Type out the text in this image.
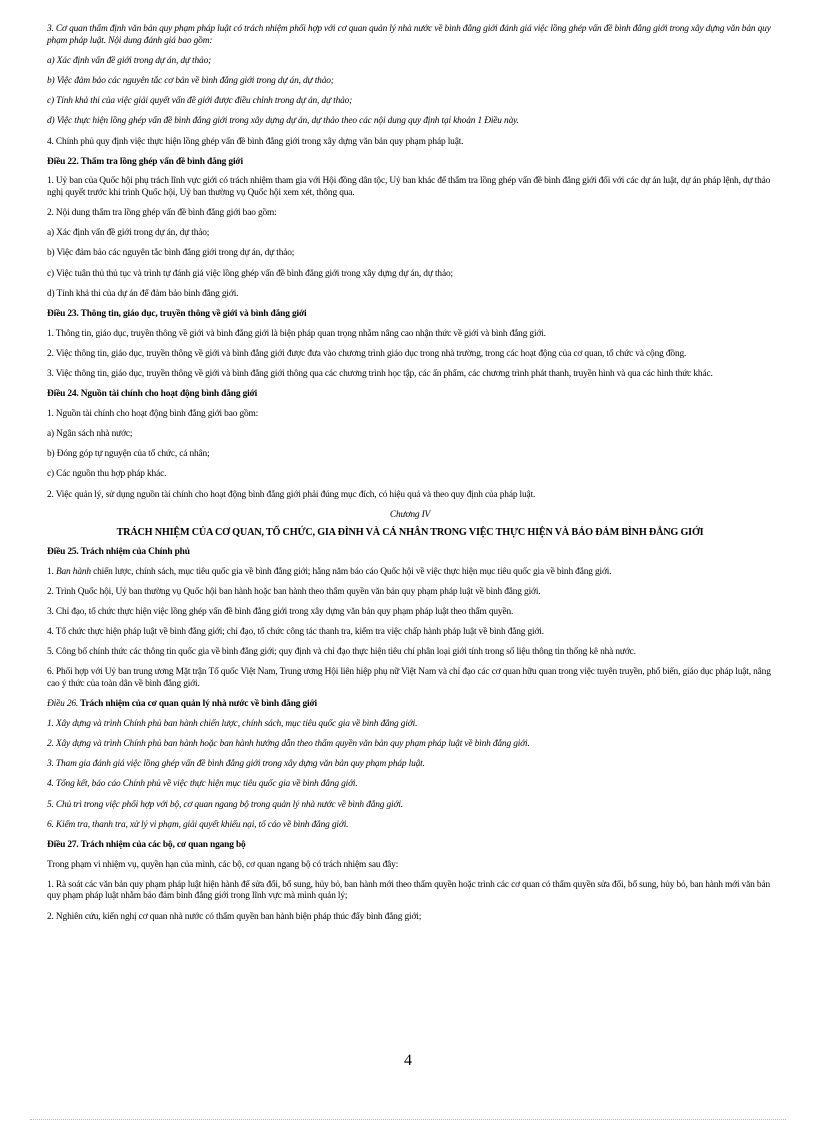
3. Cơ quan thẩm định văn bản quy phạm pháp luật có trách nhiệm phối hợp với cơ quan quản lý nhà nước về bình đẳng giới đánh giá việc lồng ghép vấn đề bình đẳng giới trong xây dựng văn bản quy phạm pháp luật. Nội dung đánh giá bao gồm:

a) Xác định vấn đề giới trong dự án, dự thảo;

b) Việc đảm bảo các nguyên tắc cơ bản về bình đẳng giới trong dự án, dự thảo;

c) Tính khả thi của việc giải quyết vấn đề giới được điều chỉnh trong dự án, dự thảo;

d) Việc thực hiện lồng ghép vấn đề bình đẳng giới trong xây dựng dự án, dự thảo theo các nội dung quy định tại khoản 1 Điều này.

4. Chính phủ quy định việc thực hiện lồng ghép vấn đề bình đẳng giới trong xây dựng văn bản quy phạm pháp luật.

Điều 22. Thẩm tra lồng ghép vấn đề bình đẳng giới

1. Uỷ ban của Quốc hội phụ trách lĩnh vực giới có trách nhiệm tham gia với Hội đồng dân tộc, Uỷ ban khác để thẩm tra lồng ghép vấn đề bình đẳng giới đối với các dự án luật, dự án pháp lệnh, dự thảo nghị quyết trước khi trình Quốc hội, Uỷ ban thường vụ Quốc hội xem xét, thông qua.

2. Nội dung thẩm tra lồng ghép vấn đề bình đẳng giới bao gồm:

a) Xác định vấn đề giới trong dự án, dự thảo;

b) Việc đảm bảo các nguyên tắc bình đẳng giới trong dự án, dự thảo;

c) Việc tuân thủ thủ tục và trình tự đánh giá việc lồng ghép vấn đề bình đẳng giới trong xây dựng dự án, dự thảo;

d) Tính khả thi của dự án để đảm bảo bình đẳng giới.

Điều 23. Thông tin, giáo dục, truyền thông về giới và bình đẳng giới

1. Thông tin, giáo dục, truyền thông về giới và bình đẳng giới là biện pháp quan trọng nhằm nâng cao nhận thức về giới và bình đẳng giới.

2. Việc thông tin, giáo dục, truyền thông về giới và bình đẳng giới được đưa vào chương trình giáo dục trong nhà trường, trong các hoạt động của cơ quan, tổ chức và cộng đồng.

3. Việc thông tin, giáo dục, truyền thông về giới và bình đẳng giới thông qua các chương trình học tập, các ấn phẩm, các chương trình phát thanh, truyền hình và qua các hình thức khác.

Điều 24. Nguồn tài chính cho hoạt động bình đẳng giới

1. Nguồn tài chính cho hoạt động bình đẳng giới bao gồm:

a) Ngân sách nhà nước;

b) Đóng góp tự nguyện của tổ chức, cá nhân;

c) Các nguồn thu hợp pháp khác.

2. Việc quản lý, sử dụng nguồn tài chính cho hoạt động bình đẳng giới phải đúng mục đích, có hiệu quả và theo quy định của pháp luật.

Chương IV

TRÁCH NHIỆM CỦA CƠ QUAN, TỔ CHỨC, GIA ĐÌNH VÀ CÁ NHÂN TRONG VIỆC THỰC HIỆN VÀ BẢO ĐẢM BÌNH ĐẲNG GIỚI

Điều 25. Trách nhiệm của Chính phủ

1. Ban hành chiến lược, chính sách, mục tiêu quốc gia về bình đẳng giới; hằng năm báo cáo Quốc hội về việc thực hiện mục tiêu quốc gia về bình đẳng giới.

2. Trình Quốc hội, Uỷ ban thường vụ Quốc hội ban hành hoặc ban hành theo thẩm quyền văn bản quy phạm pháp luật về bình đẳng giới.

3. Chỉ đạo, tổ chức thực hiện việc lồng ghép vấn đề bình đẳng giới trong xây dựng văn bản quy phạm pháp luật theo thẩm quyền.

4. Tổ chức thực hiện pháp luật về bình đẳng giới; chỉ đạo, tổ chức công tác thanh tra, kiểm tra việc chấp hành pháp luật về bình đẳng giới.

5. Công bố chính thức các thông tin quốc gia về bình đẳng giới; quy định và chỉ đạo thực hiện tiêu chí phân loại giới tính trong số liệu thông tin thống kê nhà nước.

6. Phối hợp với Uỷ ban trung ương Mặt trận Tổ quốc Việt Nam, Trung ương Hội liên hiệp phụ nữ Việt Nam và chỉ đạo các cơ quan hữu quan trong việc tuyên truyền, phổ biến, giáo dục pháp luật, nâng cao ý thức của toàn dân về bình đẳng giới.

Điều 26. Trách nhiệm của cơ quan quản lý nhà nước về bình đẳng giới

1. Xây dựng và trình Chính phủ ban hành chiến lược, chính sách, mục tiêu quốc gia về bình đẳng giới.

2. Xây dựng và trình Chính phủ ban hành hoặc ban hành hướng dẫn theo thẩm quyền văn bản quy phạm pháp luật về bình đẳng giới.

3. Tham gia đánh giá việc lồng ghép vấn đề bình đẳng giới trong xây dựng văn bản quy phạm pháp luật.

4. Tổng kết, báo cáo Chính phủ về việc thực hiện mục tiêu quốc gia về bình đẳng giới.

5. Chủ trì trong việc phối hợp với bộ, cơ quan ngang bộ trong quản lý nhà nước về bình đẳng giới.

6. Kiểm tra, thanh tra, xử lý vi phạm, giải quyết khiếu nại, tố cáo về bình đẳng giới.

Điều 27. Trách nhiệm của các bộ, cơ quan ngang bộ

Trong phạm vi nhiệm vụ, quyền hạn của mình, các bộ, cơ quan ngang bộ có trách nhiệm sau đây:

1. Rà soát các văn bản quy phạm pháp luật hiện hành để sửa đổi, bổ sung, hủy bỏ, ban hành mới theo thẩm quyền hoặc trình các cơ quan có thẩm quyền sửa đổi, bổ sung, hủy bỏ, ban hành mới văn bản quy phạm pháp luật nhằm bảo đảm bình đẳng giới trong lĩnh vực mà mình quản lý;

2. Nghiên cứu, kiến nghị cơ quan nhà nước có thẩm quyền ban hành biện pháp thúc đẩy bình đẳng giới;

4
